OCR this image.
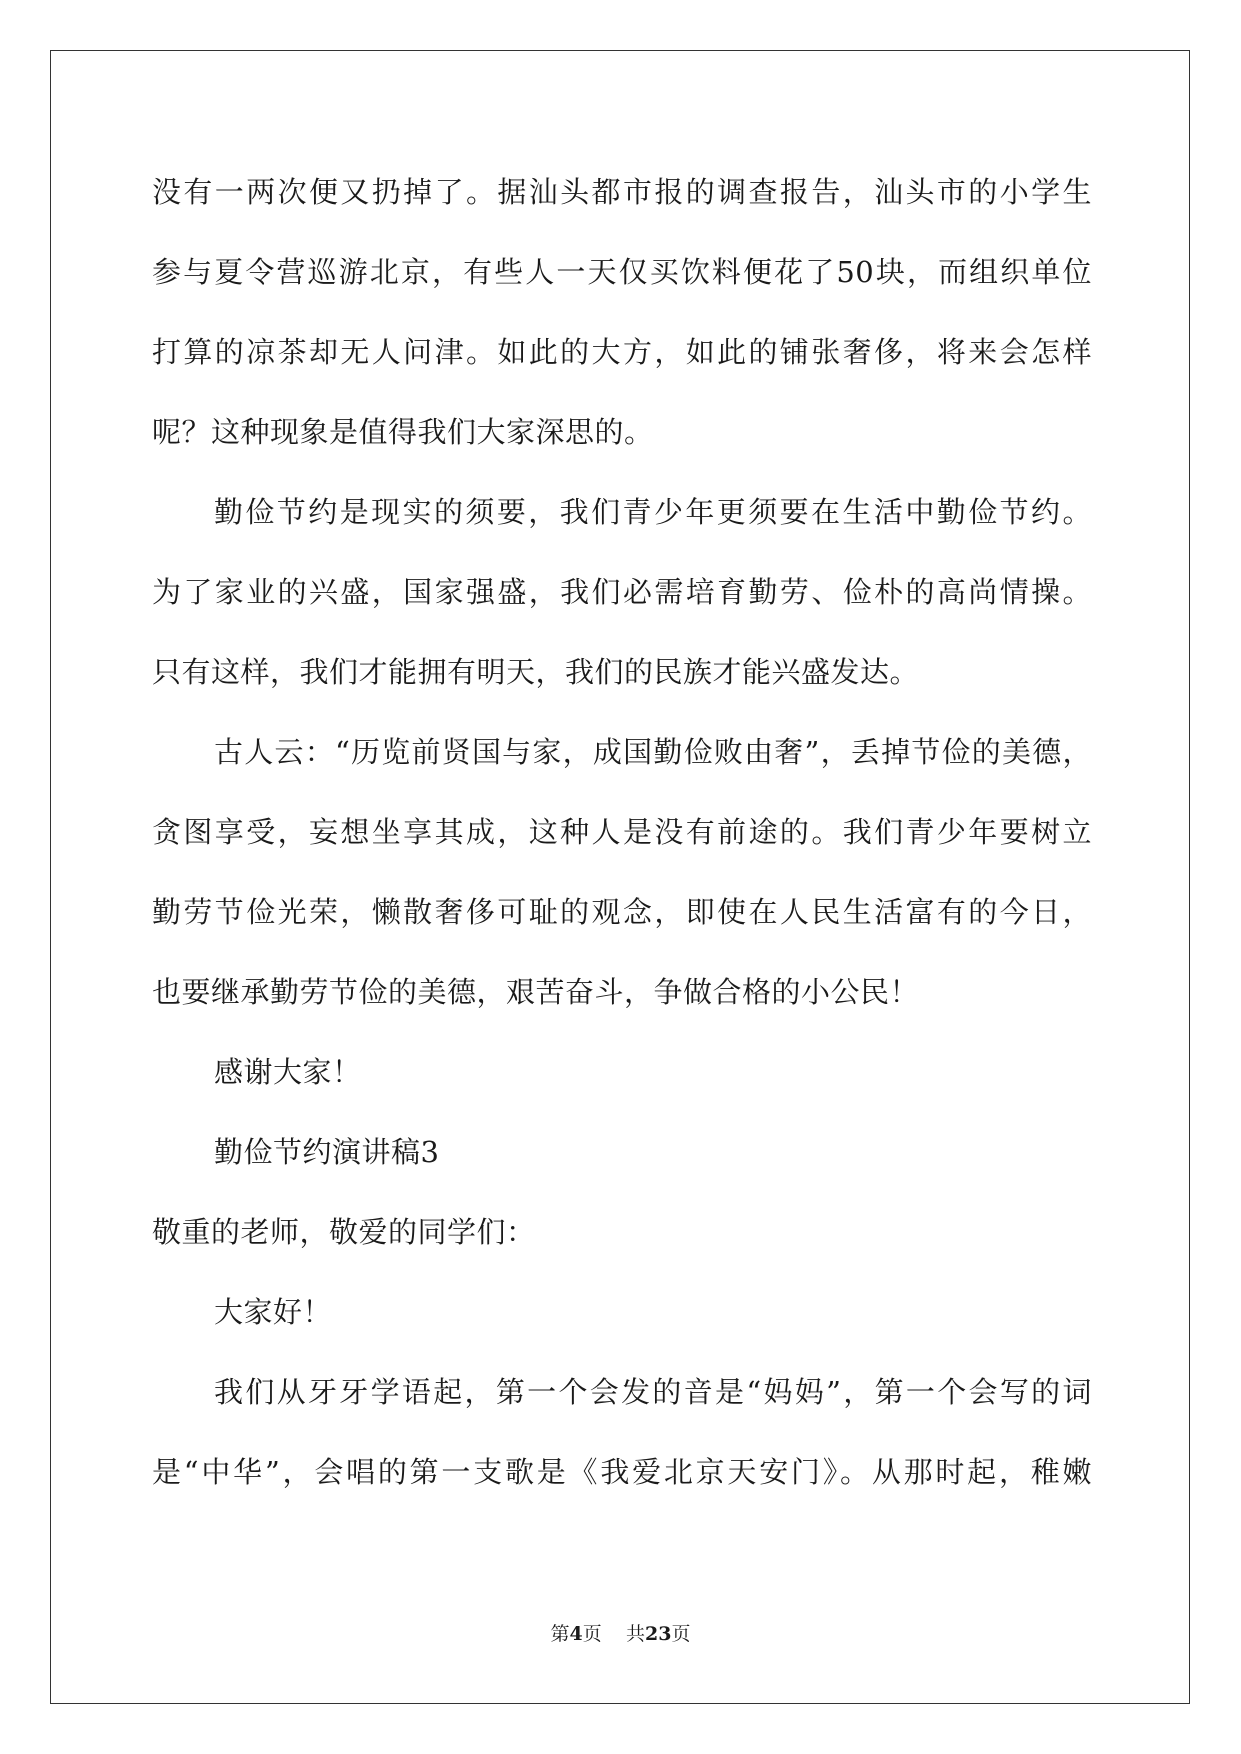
没有一两次便又扔掉了。据汕头都市报的调查报告，汕头市的小学生
参与夏令营巡游北京，有些人一天仅买饮料便花了50块，而组织单位
打算的凉茶却无人问津。如此的大方，如此的铺张奢侈，将来会怎样
呢？这种现象是值得我们大家深思的。
勤俭节约是现实的须要，我们青少年更须要在生活中勤俭节约。
为了家业的兴盛，国家强盛，我们必需培育勤劳、俭朴的高尚情操。
只有这样，我们才能拥有明天，我们的民族才能兴盛发达。
古人云：“历览前贤国与家，成国勤俭败由奢”，丢掉节俭的美德，
贪图享受，妄想坐享其成，这种人是没有前途的。我们青少年要树立
勤劳节俭光荣，懒散奢侈可耻的观念，即使在人民生活富有的今日，
也要继承勤劳节俭的美德，艰苦奋斗，争做合格的小公民！
感谢大家！
勤俭节约演讲稿3
敬重的老师，敬爱的同学们：
大家好！
我们从牙牙学语起，第一个会发的音是“妈妈”，第一个会写的词
是“中华”，会唱的第一支歌是《我爱北京天安门》。从那时起，稚嫩
第4页 共23页
